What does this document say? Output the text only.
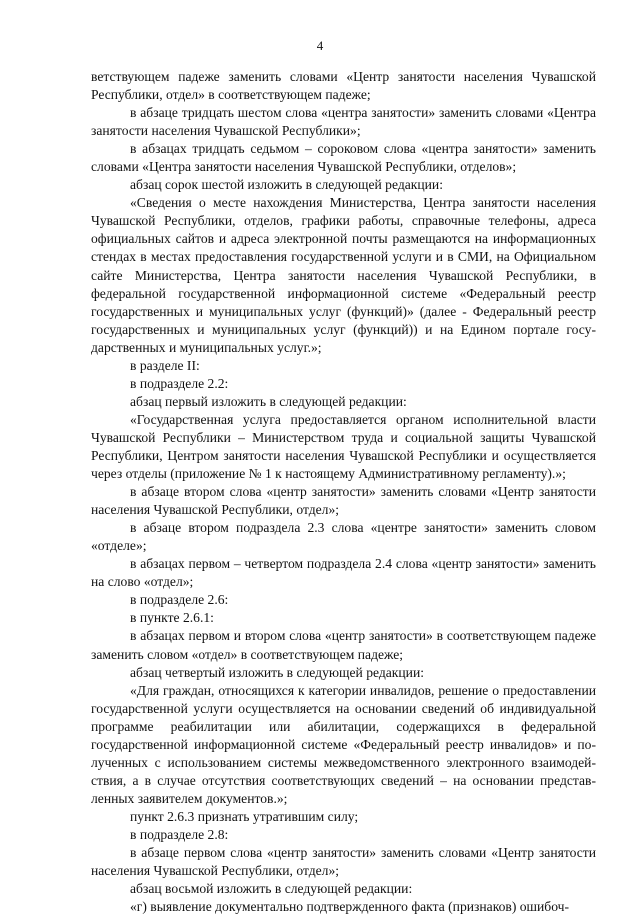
4

ветствующем падеже заменить словами «Центр занятости населения Чувашской Республики, отдел» в соответствующем падеже;

в абзаце тридцать шестом слова «центра занятости» заменить словами «Центра занятости населения Чувашской Республики»;

в абзацах тридцать седьмом – сороковом слова «центра занятости» заменить словами «Центра занятости населения Чувашской Республики, отделов»;

абзац сорок шестой изложить в следующей редакции:

«Сведения о месте нахождения Министерства, Центра занятости населения Чувашской Республики, отделов, графики работы, справочные телефоны, адреса официальных сайтов и адреса электронной почты размещаются на информационных стендах в местах предоставления государственной услуги и в СМИ, на Официальном сайте Министерства, Центра занятости населения Чувашской Республики, в федеральной государственной информационной системе «Федеральный реестр государственных и муниципальных услуг (функций)» (далее - Федеральный реестр государственных и муниципальных услуг (функций)) и на Едином портале государственных и муниципальных услуг.»;

в разделе II:

в подразделе 2.2:

абзац первый изложить в следующей редакции:

«Государственная услуга предоставляется органом исполнительной власти Чувашской Республики – Министерством труда и социальной защиты Чувашской Республики, Центром занятости населения Чувашской Республики и осуществляется через отделы (приложение № 1 к настоящему Административному регламенту).»;

в абзаце втором слова «центр занятости» заменить словами «Центр занятости населения Чувашской Республики, отдел»;

в абзаце втором подраздела 2.3 слова «центре занятости» заменить словом «отделе»;

в абзацах первом – четвертом подраздела 2.4 слова «центр занятости» заменить на слово «отдел»;

в подразделе 2.6:

в пункте 2.6.1:

в абзацах первом и втором слова «центр занятости» в соответствующем падеже заменить словом «отдел» в соответствующем падеже;

абзац четвертый изложить в следующей редакции:

«Для граждан, относящихся к категории инвалидов, решение о предоставлении государственной услуги осуществляется на основании сведений об индивидуальной программе реабилитации или абилитации, содержащихся в федеральной государственной информационной системе «Федеральный реестр инвалидов» и полученных с использованием системы межведомственного электронного взаимодействия, а в случае отсутствия соответствующих сведений – на основании представленных заявителем документов.»;

пункт 2.6.3 признать утратившим силу;

в подразделе 2.8:

в абзаце первом слова «центр занятости» заменить словами «Центр занятости населения Чувашской Республики, отдел»;

абзац восьмой изложить в следующей редакции:

«г) выявление документально подтвержденного факта (признаков) ошибоч-
